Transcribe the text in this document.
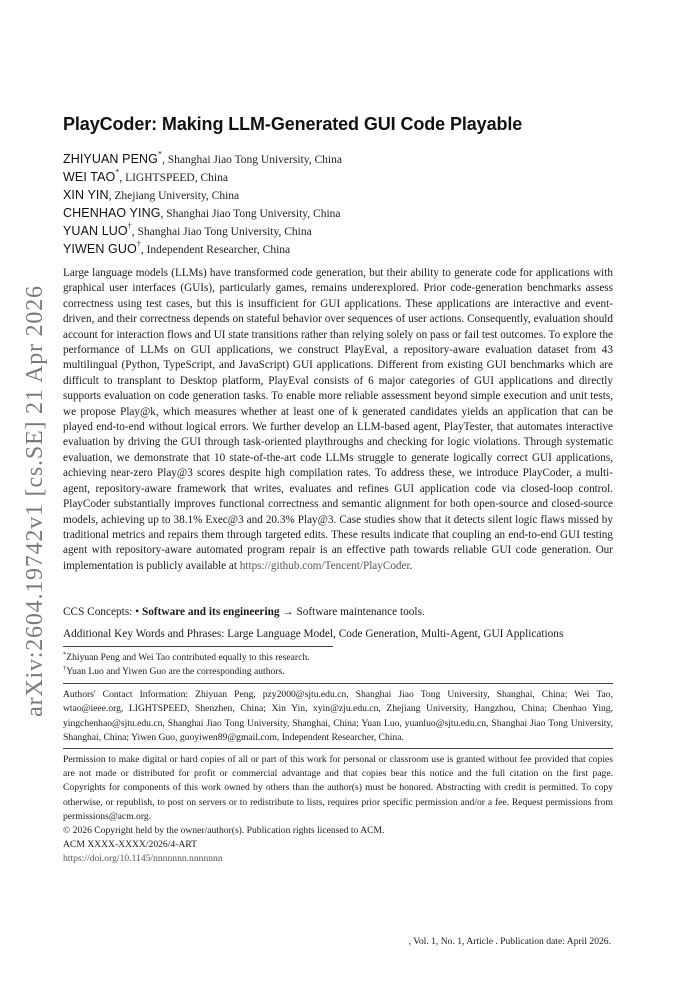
arXiv:2604.19742v1 [cs.SE] 21 Apr 2026
PlayCoder: Making LLM-Generated GUI Code Playable
ZHIYUAN PENG*, Shanghai Jiao Tong University, China
WEI TAO*, LIGHTSPEED, China
XIN YIN, Zhejiang University, China
CHENHAO YING, Shanghai Jiao Tong University, China
YUAN LUO†, Shanghai Jiao Tong University, China
YIWEN GUO†, Independent Researcher, China
Large language models (LLMs) have transformed code generation, but their ability to generate code for applications with graphical user interfaces (GUIs), particularly games, remains underexplored. Prior code-generation benchmarks assess correctness using test cases, but this is insufficient for GUI applications. These applications are interactive and event-driven, and their correctness depends on stateful behavior over sequences of user actions. Consequently, evaluation should account for interaction flows and UI state transitions rather than relying solely on pass or fail test outcomes. To explore the performance of LLMs on GUI applications, we construct PlayEval, a repository-aware evaluation dataset from 43 multilingual (Python, TypeScript, and JavaScript) GUI applications. Different from existing GUI benchmarks which are difficult to transplant to Desktop platform, PlayEval consists of 6 major categories of GUI applications and directly supports evaluation on code generation tasks. To enable more reliable assessment beyond simple execution and unit tests, we propose Play@k, which measures whether at least one of k generated candidates yields an application that can be played end-to-end without logical errors. We further develop an LLM-based agent, PlayTester, that automates interactive evaluation by driving the GUI through task-oriented playthroughs and checking for logic violations. Through systematic evaluation, we demonstrate that 10 state-of-the-art code LLMs struggle to generate logically correct GUI applications, achieving near-zero Play@3 scores despite high compilation rates. To address these, we introduce PlayCoder, a multi-agent, repository-aware framework that writes, evaluates and refines GUI application code via closed-loop control. PlayCoder substantially improves functional correctness and semantic alignment for both open-source and closed-source models, achieving up to 38.1% Exec@3 and 20.3% Play@3. Case studies show that it detects silent logic flaws missed by traditional metrics and repairs them through targeted edits. These results indicate that coupling an end-to-end GUI testing agent with repository-aware automated program repair is an effective path towards reliable GUI code generation. Our implementation is publicly available at https://github.com/Tencent/PlayCoder.
CCS Concepts: • Software and its engineering → Software maintenance tools.
Additional Key Words and Phrases: Large Language Model, Code Generation, Multi-Agent, GUI Applications
*Zhiyuan Peng and Wei Tao contributed equally to this research.
†Yuan Luo and Yiwen Guo are the corresponding authors.
Authors' Contact Information: Zhiyuan Peng, pzy2000@sjtu.edu.cn, Shanghai Jiao Tong University, Shanghai, China; Wei Tao, wtao@ieee.org, LIGHTSPEED, Shenzhen, China; Xin Yin, xyin@zju.edu.cn, Zhejiang University, Hangzhou, China; Chenhao Ying, yingchenhao@sjtu.edu.cn, Shanghai Jiao Tong University, Shanghai, China; Yuan Luo, yuanluo@sjtu.edu.cn, Shanghai Jiao Tong University, Shanghai, China; Yiwen Guo, guoyiwen89@gmail.com, Independent Researcher, China.
Permission to make digital or hard copies of all or part of this work for personal or classroom use is granted without fee provided that copies are not made or distributed for profit or commercial advantage and that copies bear this notice and the full citation on the first page. Copyrights for components of this work owned by others than the author(s) must be honored. Abstracting with credit is permitted. To copy otherwise, or republish, to post on servers or to redistribute to lists, requires prior specific permission and/or a fee. Request permissions from permissions@acm.org.
© 2026 Copyright held by the owner/author(s). Publication rights licensed to ACM.
ACM XXXX-XXXX/2026/4-ART
https://doi.org/10.1145/nnnnnnn.nnnnnnn
, Vol. 1, No. 1, Article . Publication date: April 2026.
